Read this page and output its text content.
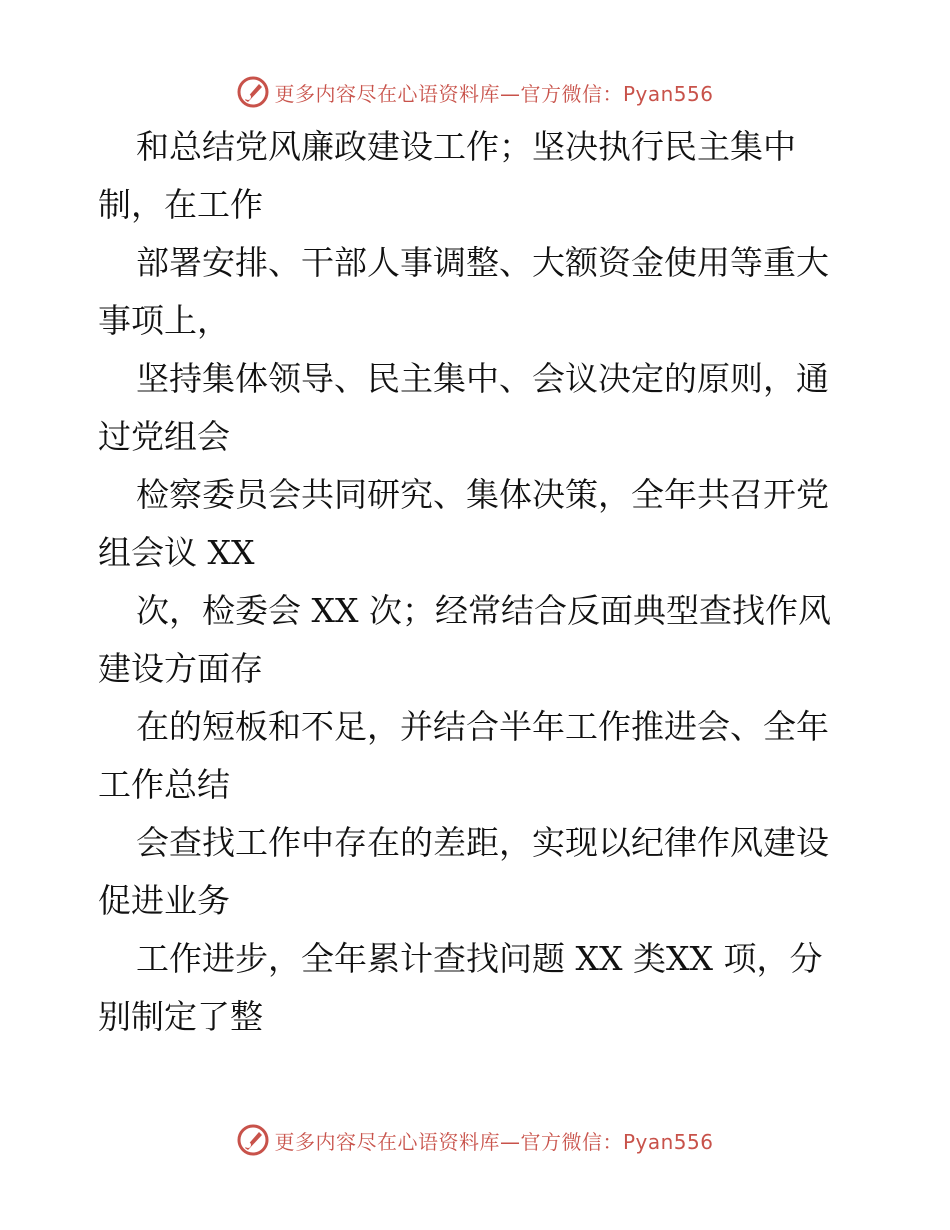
更多内容尽在心语资料库—官方微信：Pyan556

和总结党风廉政建设工作；坚决执行民主集中
制，在工作

部署安排、干部人事调整、大额资金使用等重大
事项上，

坚持集体领导、民主集中、会议决定的原则，通
过党组会

检察委员会共同研究、集体决策，全年共召开党
组会议 XX

次，检委会 XX 次；经常结合反面典型查找作风
建设方面存

在的短板和不足，并结合半年工作推进会、全年
工作总结

会查找工作中存在的差距，实现以纪律作风建设
促进业务

工作进步，全年累计查找问题 XX 类XX 项，分
别制定了整

更多内容尽在心语资料库—官方微信：Pyan556
